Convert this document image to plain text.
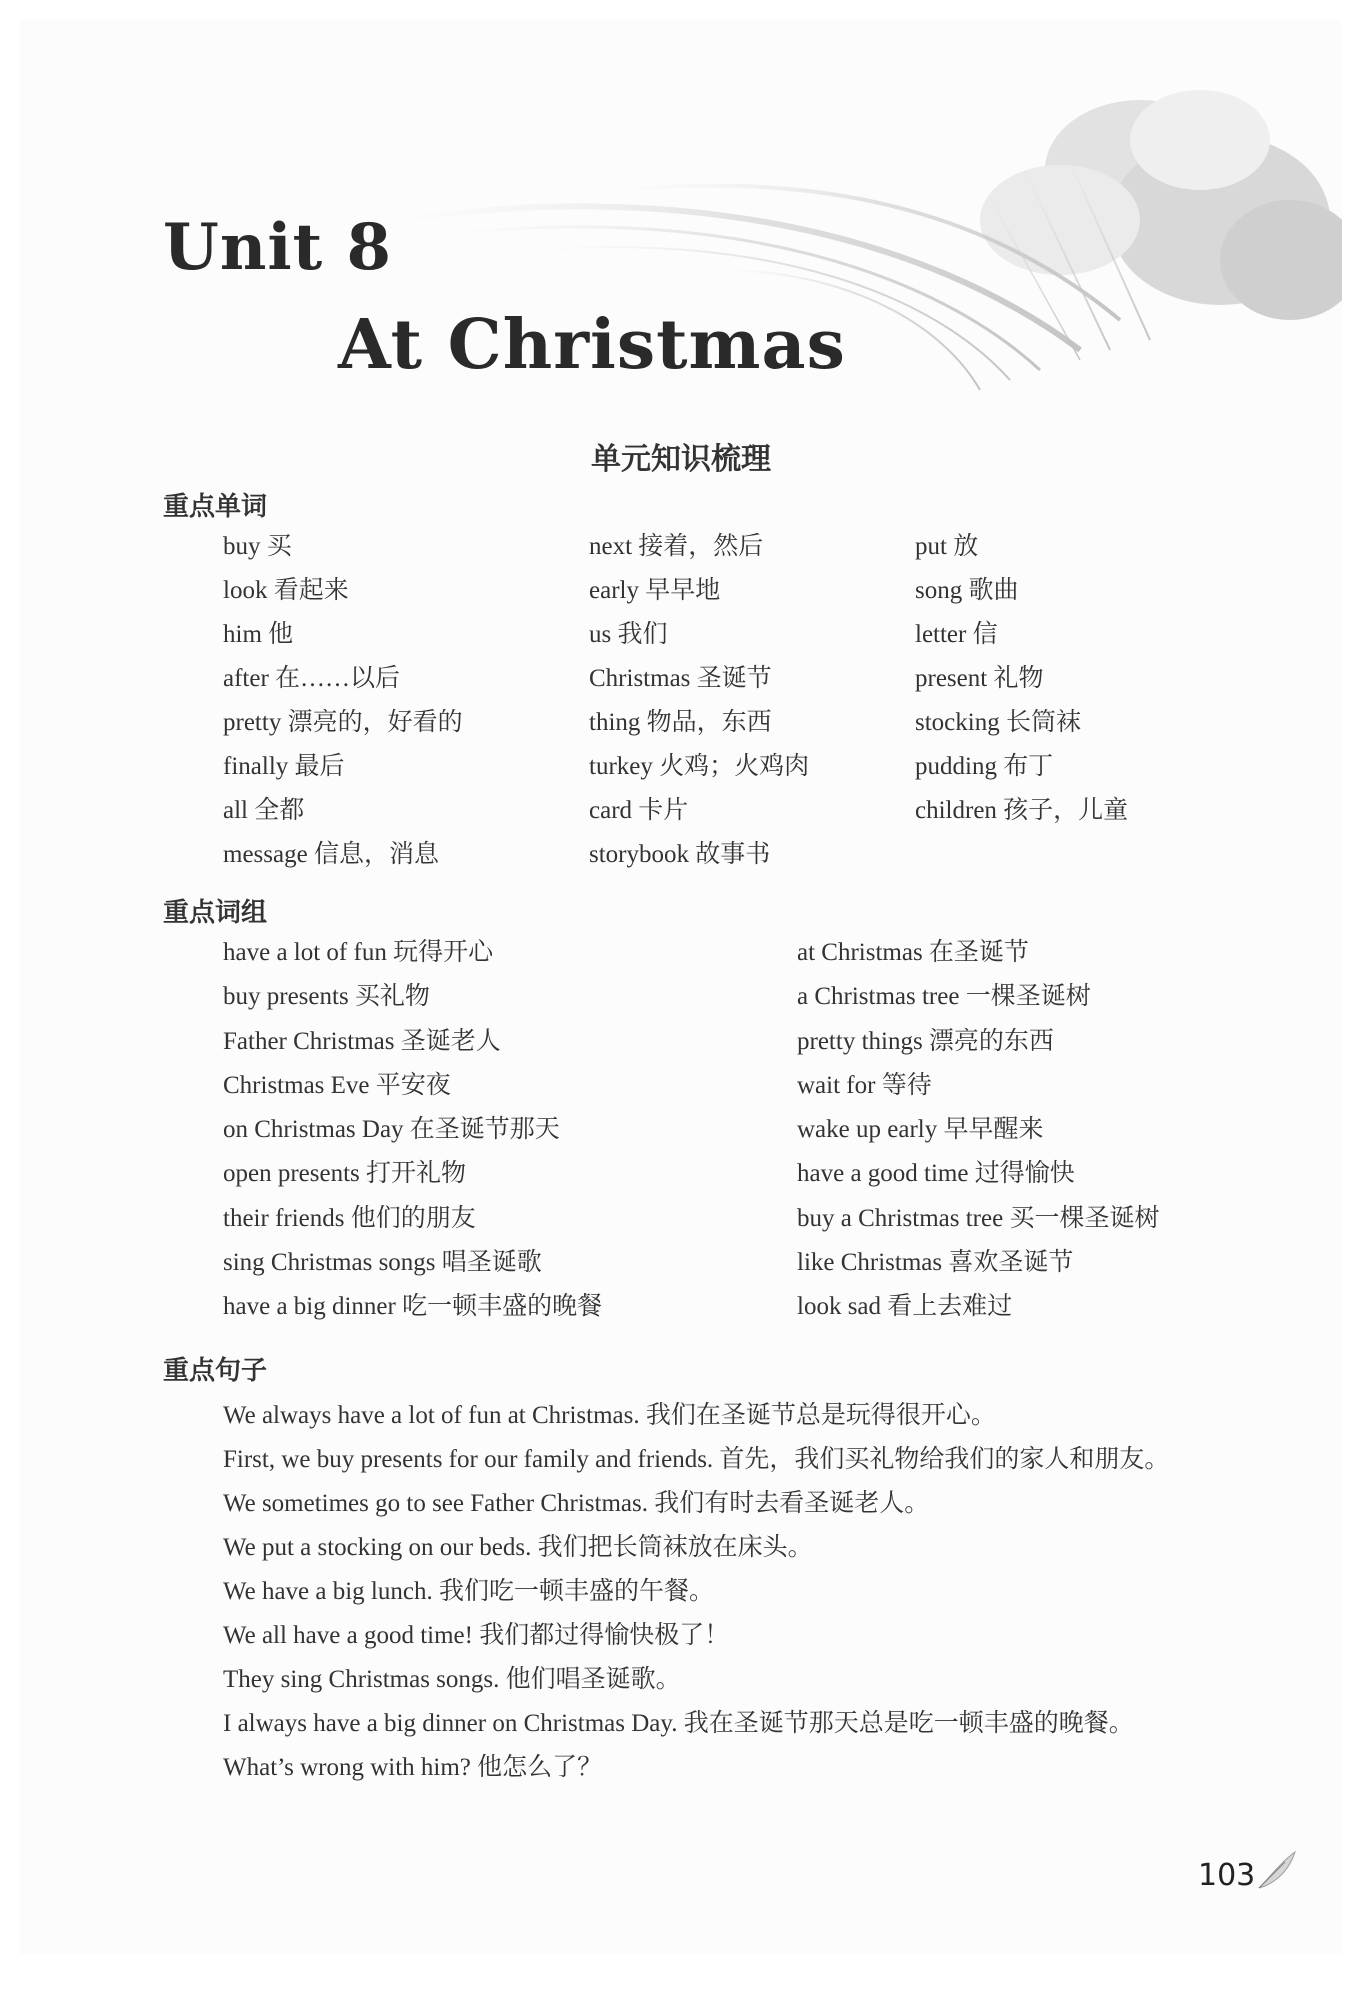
Unit 8
At Christmas
单元知识梳理
重点单词
buy 买
look 看起来
him 他
after 在……以后
pretty 漂亮的，好看的
finally 最后
all 全都
message 信息，消息
next 接着，然后
early 早早地
us 我们
Christmas 圣诞节
thing 物品，东西
turkey 火鸡；火鸡肉
card 卡片
storybook 故事书
put 放
song 歌曲
letter 信
present 礼物
stocking 长筒袜
pudding 布丁
children 孩子，儿童
重点词组
have a lot of fun 玩得开心
buy presents 买礼物
Father Christmas 圣诞老人
Christmas Eve 平安夜
on Christmas Day 在圣诞节那天
open presents 打开礼物
their friends 他们的朋友
sing Christmas songs 唱圣诞歌
have a big dinner 吃一顿丰盛的晚餐
at Christmas 在圣诞节
a Christmas tree 一棵圣诞树
pretty things 漂亮的东西
wait for 等待
wake up early 早早醒来
have a good time 过得愉快
buy a Christmas tree 买一棵圣诞树
like Christmas 喜欢圣诞节
look sad 看上去难过
重点句子
We always have a lot of fun at Christmas. 我们在圣诞节总是玩得很开心。
First, we buy presents for our family and friends. 首先，我们买礼物给我们的家人和朋友。
We sometimes go to see Father Christmas. 我们有时去看圣诞老人。
We put a stocking on our beds. 我们把长筒袜放在床头。
We have a big lunch. 我们吃一顿丰盛的午餐。
We all have a good time! 我们都过得愉快极了！
They sing Christmas songs. 他们唱圣诞歌。
I always have a big dinner on Christmas Day. 我在圣诞节那天总是吃一顿丰盛的晚餐。
What’s wrong with him? 他怎么了？
103
